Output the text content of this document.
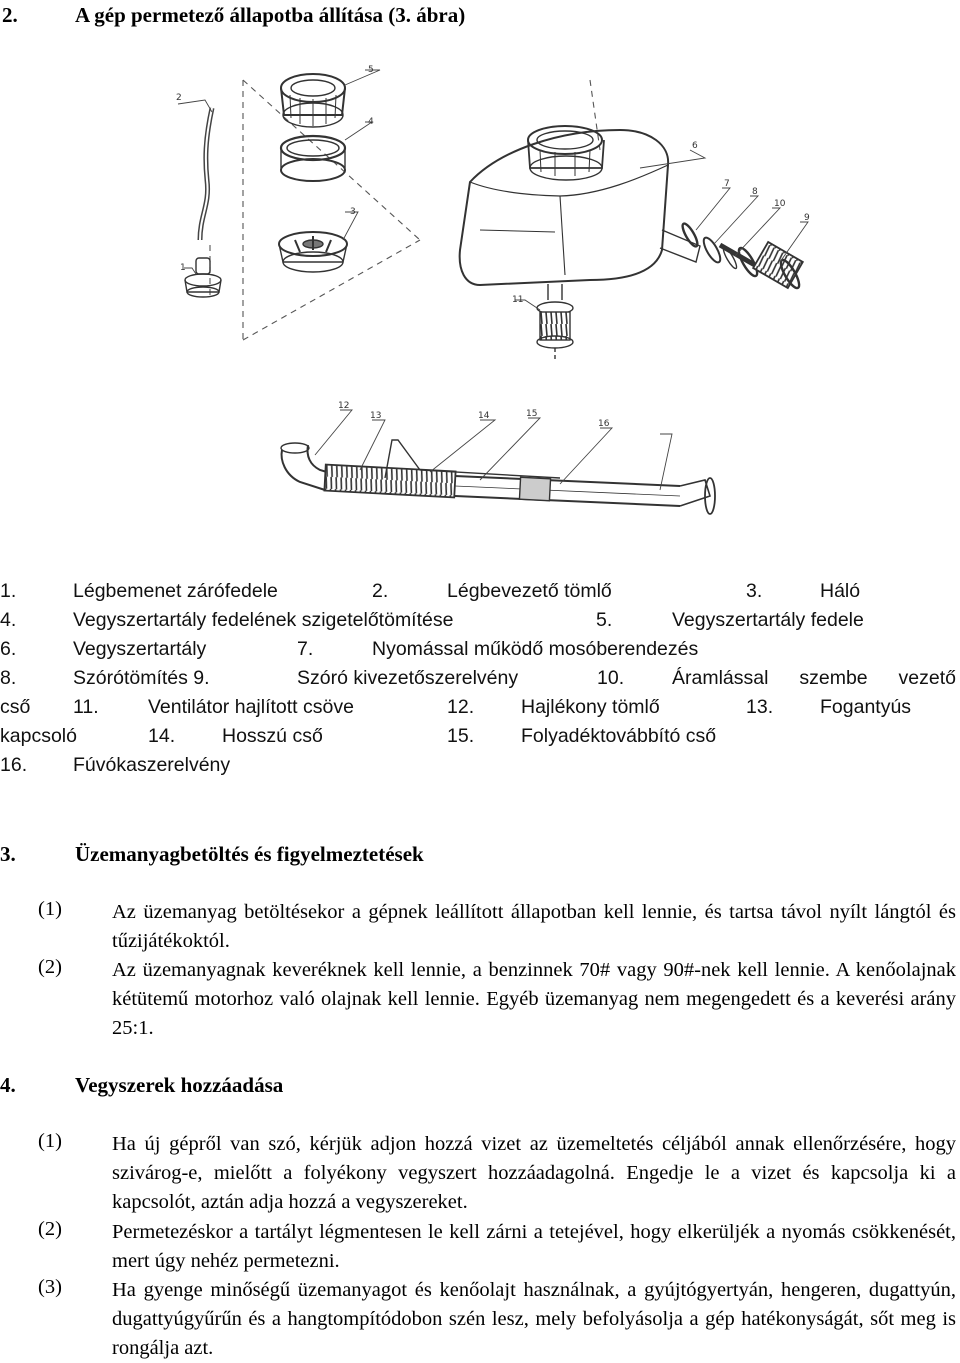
2.	A gép permetező állapotba állítása (3. ábra)
2
5
4
3
1
6
7
8
10
9
11
12
13	14	15
16
1.	Légbemenet zárófedele	2.	Légbevezető tömlő	3.	Háló
4.	Vegyszertartály fedelének szigetelőtömítése	5.	Vegyszertartály fedele
6.	Vegyszertartály	7.	Nyomással működő mosóberendezés
8.	Szórótömítés 9.	Szóró kivezetőszerelvény	10. Áramlással szembe vezető
cső 11.	Ventilátor hajlított csöve	12. Hajlékony tömlő	13. Fogantyús
kapcsoló	14. Hosszú cső	15. Folyadéktovábbító cső
16. Fúvókaszerelvény
3.	Üzemanyagbetöltés és figyelmeztetések
(1) Az üzemanyag betöltésekor a gépnek leállított állapotban kell lennie, és tartsa távol nyílt lángtól és tűzijátékoktól.
(2) Az üzemanyagnak keveréknek kell lennie, a benzinnek 70# vagy 90#-nek kell lennie. A kenőolajnak kétütemű motorhoz való olajnak kell lennie. Egyéb üzemanyag nem megengedett és a keverési arány 25:1.
4.	Vegyszerek hozzáadása
(1) Ha új gépről van szó, kérjük adjon hozzá vizet az üzemeltetés céljából annak ellenőrzésére, hogy szivárog-e, mielőtt a folyékony vegyszert hozzáadagolná. Engedje le a vizet és kapcsolja ki a kapcsolót, aztán adja hozzá a vegyszereket.
(2) Permetezéskor a tartályt légmentesen le kell zárni a tetejével, hogy elkerüljék a nyomás csökkenését, mert úgy nehéz permetezni.
(3) Ha gyenge minőségű üzemanyagot és kenőolajt használnak, a gyújtógyertyán, hengeren, dugattyún, dugattyúgyűrűn és a hangtompítódobon szén lesz, mely befolyásolja a gép hatékonyságát, sőt meg is rongálja azt.
